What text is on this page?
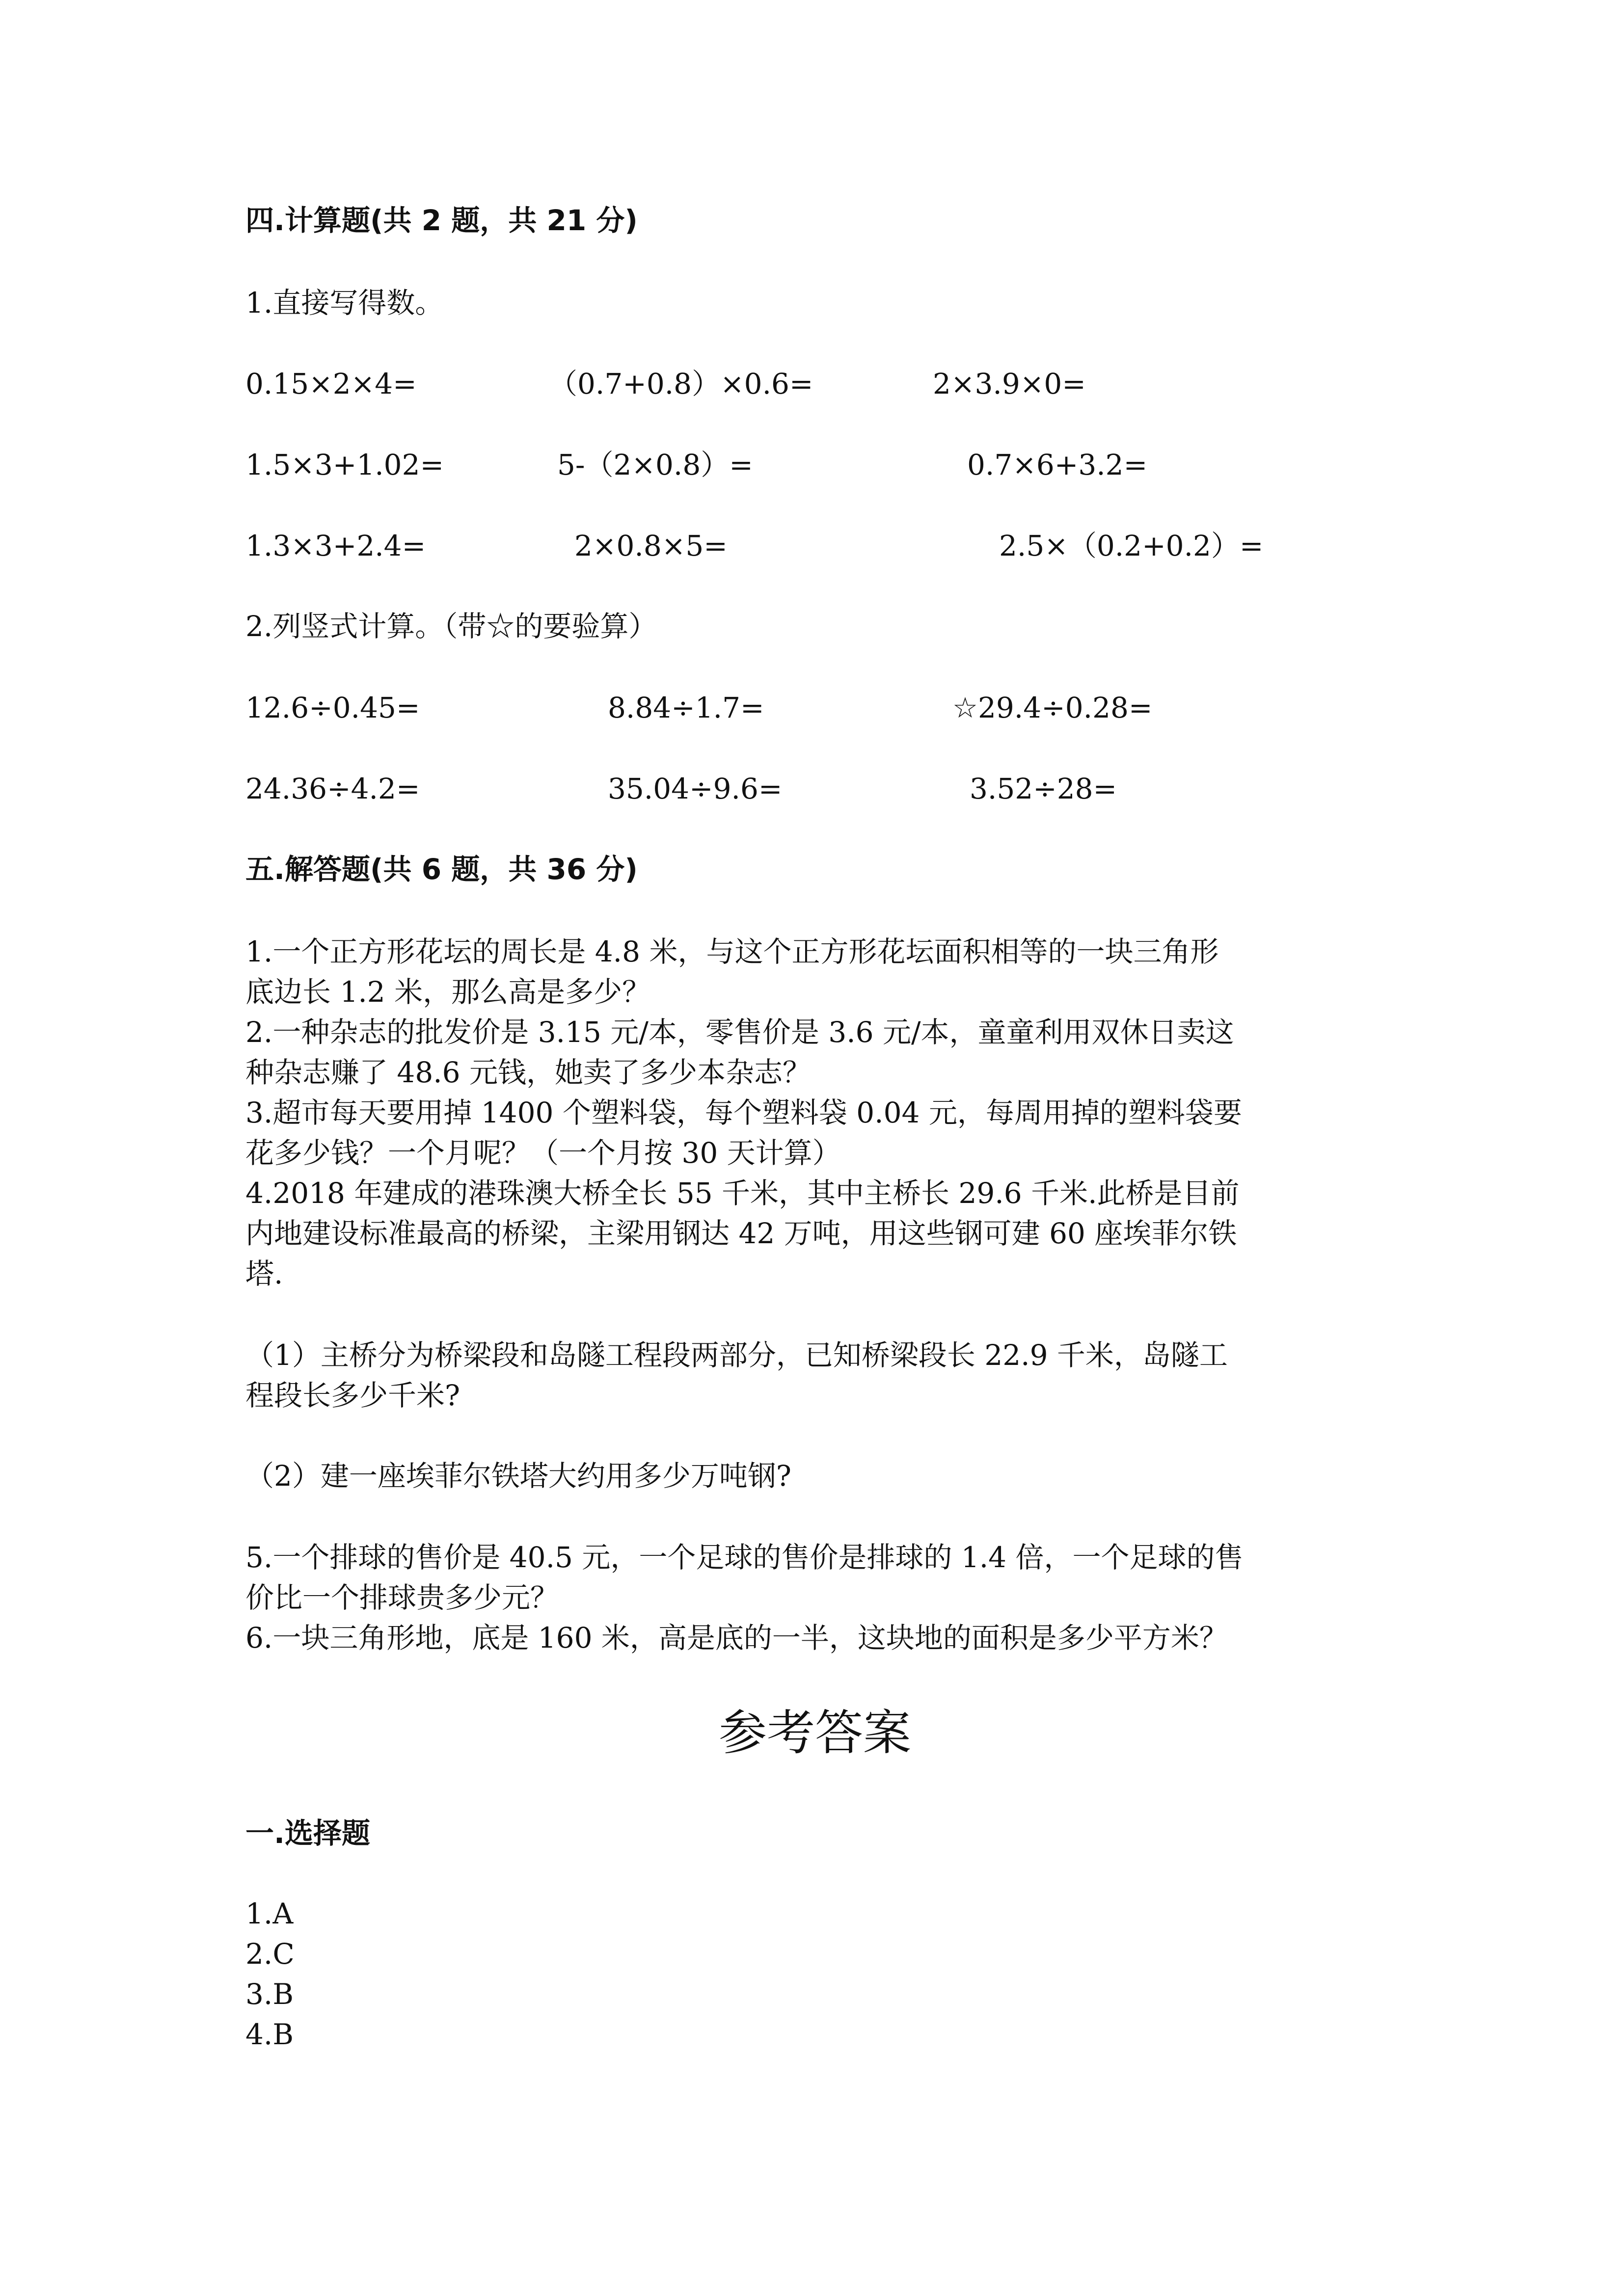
四.计算题(共 2 题，共 21 分)
1.直接写得数。
0.15×2×4=	（0.7+0.8）×0.6=	2×3.9×0=
1.5×3+1.02=	5-（2×0.8）=	0.7×6+3.2=
1.3×3+2.4=	2×0.8×5=	2.5×（0.2+0.2）=
2.列竖式计算。（带☆的要验算）
12.6÷0.45=	8.84÷1.7=	☆29.4÷0.28=
24.36÷4.2=	35.04÷9.6=	3.52÷28=
五.解答题(共 6 题，共 36 分)
1.一个正方形花坛的周长是 4.8 米，与这个正方形花坛面积相等的一块三角形
底边长 1.2 米，那么高是多少？
2.一种杂志的批发价是 3.15 元/本，零售价是 3.6 元/本，童童利用双休日卖这
种杂志赚了 48.6 元钱，她卖了多少本杂志？
3.超市每天要用掉 1400 个塑料袋，每个塑料袋 0.04 元，每周用掉的塑料袋要
花多少钱？一个月呢？（一个月按 30 天计算）
4.2018 年建成的港珠澳大桥全长 55 千米，其中主桥长 29.6 千米.此桥是目前
内地建设标准最高的桥梁，主梁用钢达 42 万吨，用这些钢可建 60 座埃菲尔铁
塔.
（1）主桥分为桥梁段和岛隧工程段两部分，已知桥梁段长 22.9 千米，岛隧工
程段长多少千米?
（2）建一座埃菲尔铁塔大约用多少万吨钢?
5.一个排球的售价是 40.5 元，一个足球的售价是排球的 1.4 倍，一个足球的售
价比一个排球贵多少元？
6.一块三角形地，底是 160 米，高是底的一半，这块地的面积是多少平方米？
参考答案
一.选择题
1.A
2.C
3.B
4.B
